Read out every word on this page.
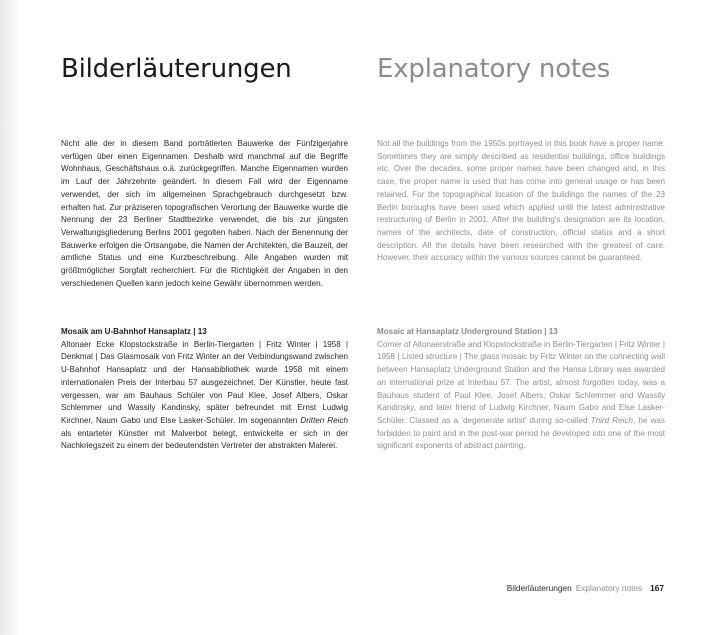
Bilderläuterungen

Nicht alle der in diesem Band porträtierten Bauwerke der Fünfzigerjahre verfügen über einen Eigennamen. Deshalb wird manchmal auf die Begriffe Wohnhaus, Geschäftshaus o.ä. zurückgegriffen. Manche Eigennamen wurden im Lauf der Jahrzehnte geändert. In diesem Fall wird der Eigenname verwendet, der sich im allgemeinen Sprachgebrauch durchgesetzt bzw. erhalten hat. Zur präziseren topografischen Verortung der Bauwerke wurde die Nennung der 23 Berliner Stadtbezirke verwendet, die bis zur jüngsten Verwaltungsgliederung Berlins 2001 gegolten haben. Nach der Benennung der Bauwerke erfolgen die Ortsangabe, die Namen der Architekten, die Bauzeit, der amtliche Status und eine Kurzbeschreibung. Alle Angaben wurden mit größtmöglicher Sorgfalt recherchiert. Für die Richtigkeit der Angaben in den verschiedenen Quellen kann jedoch keine Gewähr übernommen werden.

Mosaik am U-Bahnhof Hansaplatz | 13
Altonaer Ecke Klopstockstraße in Berlin-Tiergarten | Fritz Winter | 1958 | Denkmal | Das Glasmosaik von Fritz Winter an der Verbindungswand zwischen U-Bahnhof Hansaplatz und der Hansabibliothek wurde 1958 mit einem internationalen Preis der Interbau 57 ausgezeichnet. Der Künstler, heute fast vergessen, war am Bauhaus Schüler von Paul Klee, Josef Albers, Oskar Schlemmer und Wassily Kandinsky, später befreundet mit Ernst Ludwig Kirchner, Naum Gabo und Else Lasker-Schüler. Im sogenannten Dritten Reich als entarteter Künstler mit Malverbot belegt, entwickelte er sich in der Nachkriegszeit zu einem der bedeutendsten Vertreter der abstrakten Malerei.

Explanatory notes

Not all the buildings from the 1950s portrayed in this book have a proper name. Sometimes they are simply described as residential buildings, office buildings etc. Over the decades, some proper names have been changed and, in this case, the proper name is used that has come into general usage or has been retained. For the topographical location of the buildings the names of the 23 Berlin boroughs have been used which applied until the latest administrative restructuring of Berlin in 2001. After the building's designation are its location, names of the architects, date of construction, official status and a short description. All the details have been researched with the greatest of care. However, their accuracy within the various sources cannot be guaranteed.

Mosaic at Hansaplatz Underground Station | 13
Corner of Altonaerstraße and Klopstockstraße in Berlin-Tiergarten | Fritz Winter | 1958 | Listed structure | The glass mosaic by Fritz Winter on the connecting wall between Hansaplatz Underground Station and the Hansa Library was awarded an international prize at Interbau 57. The artist, almost forgotten today, was a Bauhaus student of Paul Klee, Josef Albers, Oskar Schlemmer and Wassily Kandinsky, and later friend of Ludwig Kirchner, Naum Gabo and Else Lasker-Schüler. Classed as a ‘degenerate artist’ during so-called Third Reich, he was forbidden to paint and in the post-war period he developed into one of the most significant exponents of abstract painting.

Bilderläuterungen Explanatory notes 167
